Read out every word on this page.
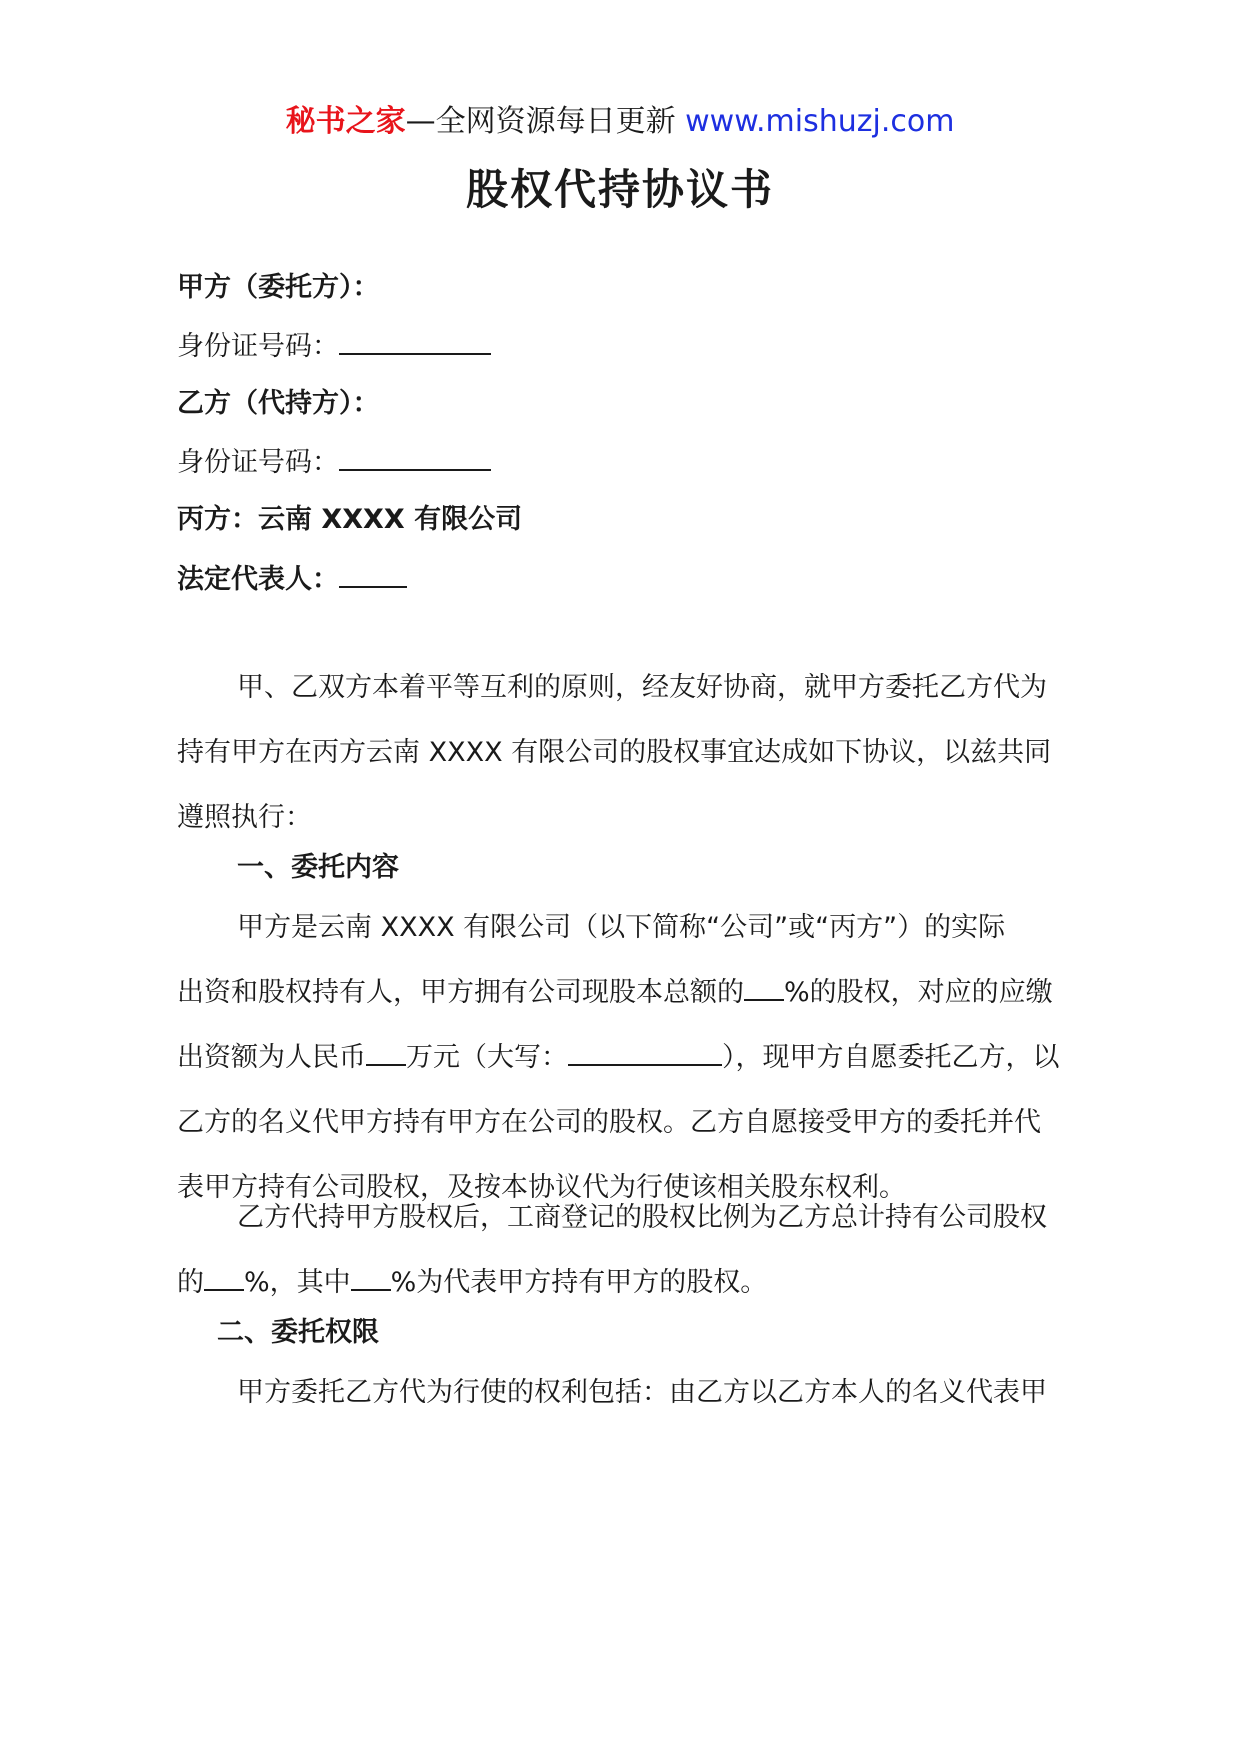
秘书之家—全网资源每日更新 www.mishuzj.com
股权代持协议书
甲方（委托方）：
身份证号码：
乙方（代持方）：
身份证号码：
丙方：云南 XXXX 有限公司
法定代表人：
甲、乙双方本着平等互利的原则，经友好协商，就甲方委托乙方代为
持有甲方在丙方云南 XXXX 有限公司的股权事宜达成如下协议，以兹共同
遵照执行：
一、委托内容
甲方是云南 XXXX 有限公司（以下简称“公司”或“丙方”）的实际
出资和股权持有人，甲方拥有公司现股本总额的 %的股权，对应的应缴
出资额为人民币 万元（大写：	），现甲方自愿委托乙方，以
乙方的名义代甲方持有甲方在公司的股权。乙方自愿接受甲方的委托并代
表甲方持有公司股权，及按本协议代为行使该相关股东权利。
乙方代持甲方股权后，工商登记的股权比例为乙方总计持有公司股权
的 %，其中 %为代表甲方持有甲方的股权。
二、委托权限
甲方委托乙方代为行使的权利包括：由乙方以乙方本人的名义代表甲
